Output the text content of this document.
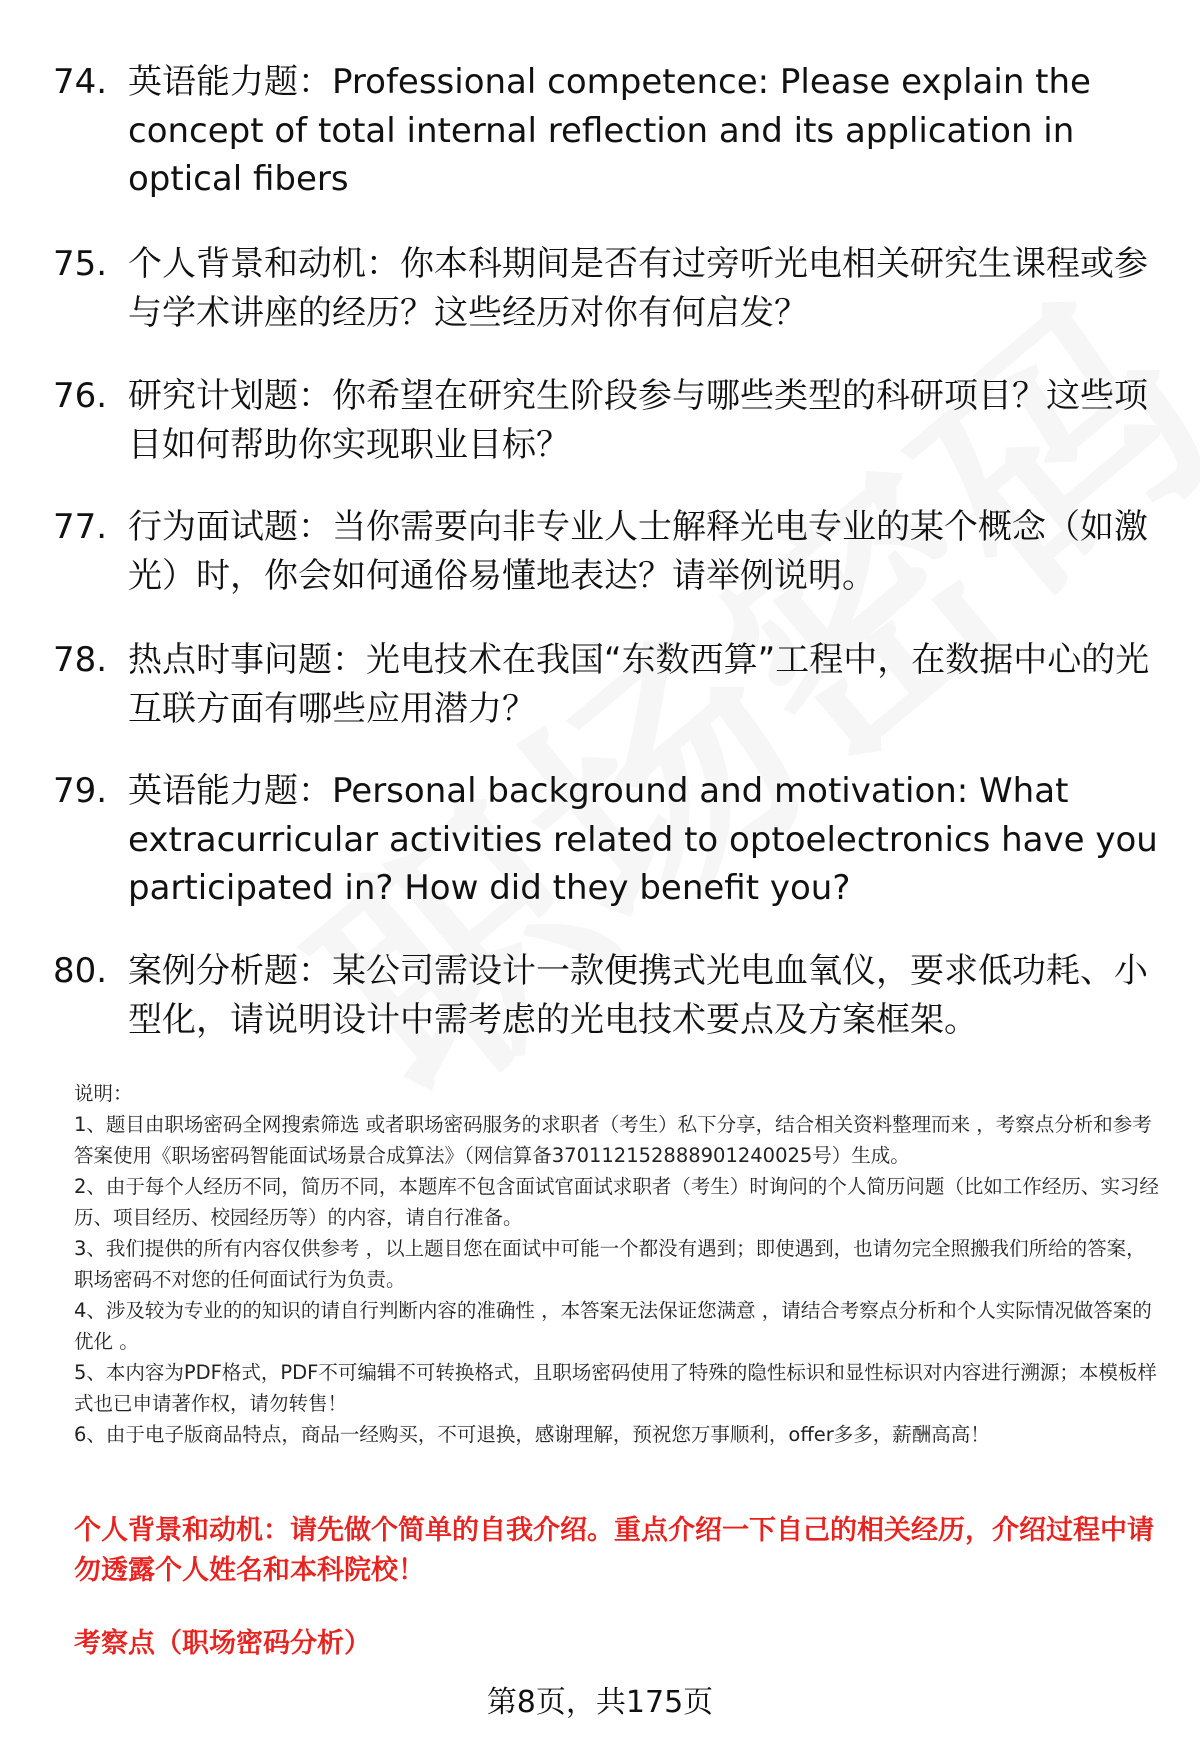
74. 英语能力题：Professional competence: Please explain the concept of total internal reflection and its application in optical fibers
75. 个人背景和动机：你本科期间是否有过旁听光电相关研究生课程或参与学术讲座的经历？这些经历对你有何启发？
76. 研究计划题：你希望在研究生阶段参与哪些类型的科研项目？这些项目如何帮助你实现职业目标？
77. 行为面试题：当你需要向非专业人士解释光电专业的某个概念（如激光）时，你会如何通俗易懂地表达？请举例说明。
78. 热点时事问题：光电技术在我国“东数西算”工程中，在数据中心的光互联方面有哪些应用潜力？
79. 英语能力题：Personal background and motivation: What extracurricular activities related to optoelectronics have you participated in? How did they benefit you?
80. 案例分析题：某公司需设计一款便携式光电血氧仪，要求低功耗、小型化，请说明设计中需考虑的光电技术要点及方案框架。
说明：
1、题目由职场密码全网搜索筛选 或者职场密码服务的求职者（考生）私下分享，结合相关资料整理而来 ，考察点分析和参考答案使用《职场密码智能面试场景合成算法》（网信算备370112152888901240025号）生成。
2、由于每个人经历不同，简历不同，本题库不包含面试官面试求职者（考生）时询问的个人简历问题（比如工作经历、实习经历、项目经历、校园经历等）的内容，请自行准备。
3、我们提供的所有内容仅供参考 ，以上题目您在面试中可能一个都没有遇到；即使遇到，也请勿完全照搬我们所给的答案，职场密码不对您的任何面试行为负责。
4、涉及较为专业的的知识的请自行判断内容的准确性 ，本答案无法保证您满意 ，请结合考察点分析和个人实际情况做答案的优化 。
5、本内容为PDF格式，PDF不可编辑不可转换格式，且职场密码使用了特殊的隐性标识和显性标识对内容进行溯源；本模板样式也已申请著作权，请勿转售！
6、由于电子版商品特点，商品一经购买，不可退换，感谢理解，预祝您万事顺利，offer多多，薪酬高高！
个人背景和动机：请先做个简单的自我介绍。重点介绍一下自己的相关经历，介绍过程中请勿透露个人姓名和本科院校！
考察点（职场密码分析）
第8页，共175页
